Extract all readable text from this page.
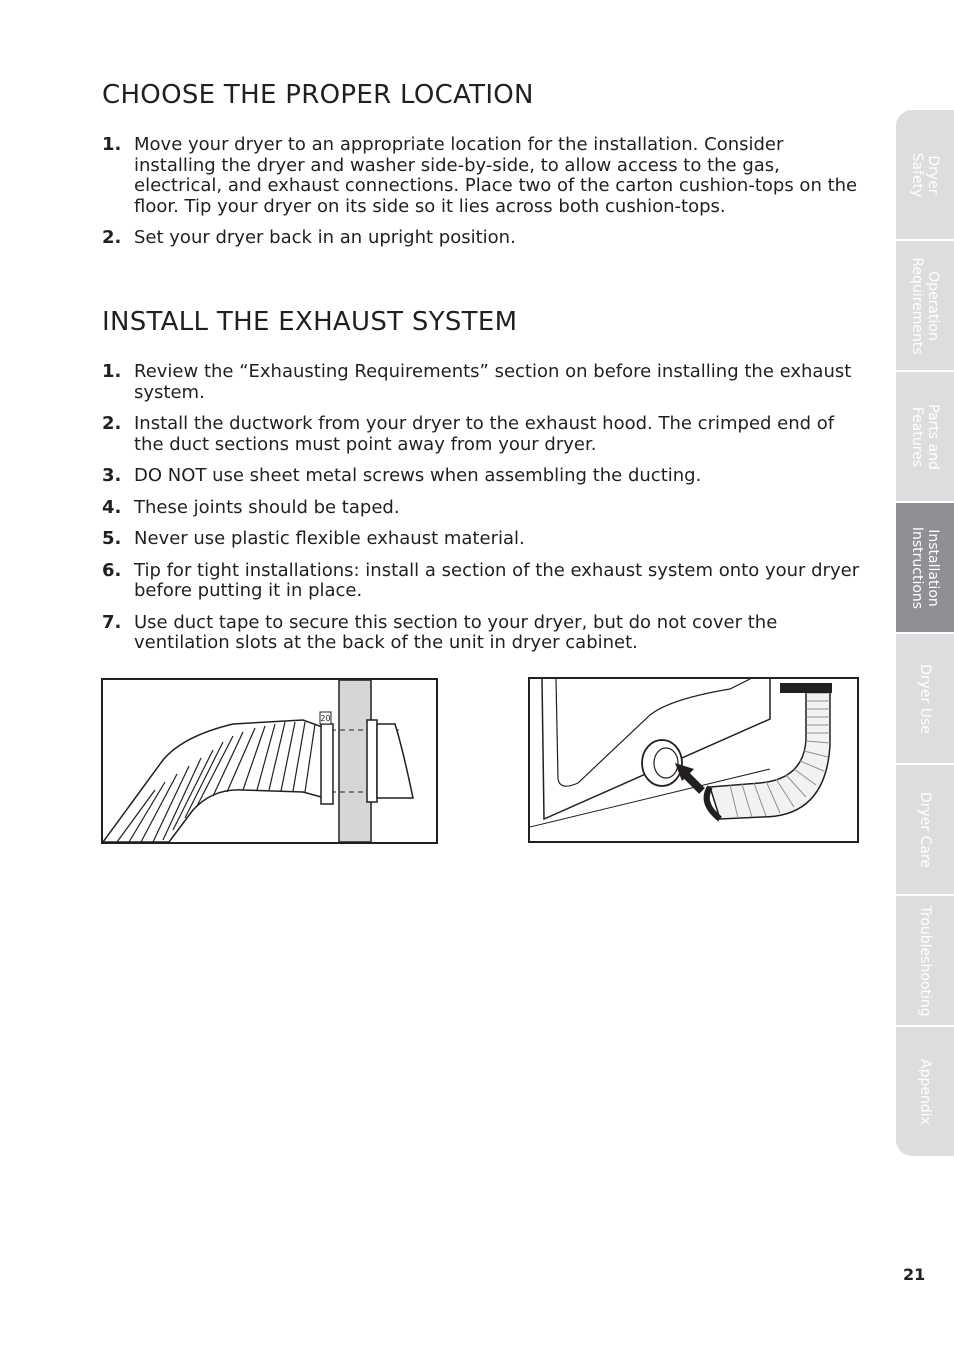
CHOOSE THE PROPER LOCATION
1. Move your dryer to an appropriate location for the installation. Consider installing the dryer and washer side-by-side, to allow access to the gas, electrical, and exhaust connections. Place two of the carton cushion-tops on the floor. Tip your dryer on its side so it lies across both cushion-tops.
2. Set your dryer back in an upright position.
INSTALL THE EXHAUST SYSTEM
1. Review the “Exhausting Requirements” section on before installing the exhaust system.
2. Install the ductwork from your dryer to the exhaust hood. The crimped end of the duct sections must point away from your dryer.
3. DO NOT use sheet metal screws when assembling the ducting.
4. These joints should be taped.
5. Never use plastic flexible exhaust material.
6. Tip for tight installations: install a section of the exhaust system onto your dryer before putting it in place.
7. Use duct tape to secure this section to your dryer, but do not cover the ventilation slots at the back of the unit in dryer cabinet.
20
Dryer
Safety
Operation
Requirements
Parts and
Features
Installation
Instructions
Dryer Use
Dryer Care
Troubleshooting
Appendix
21
